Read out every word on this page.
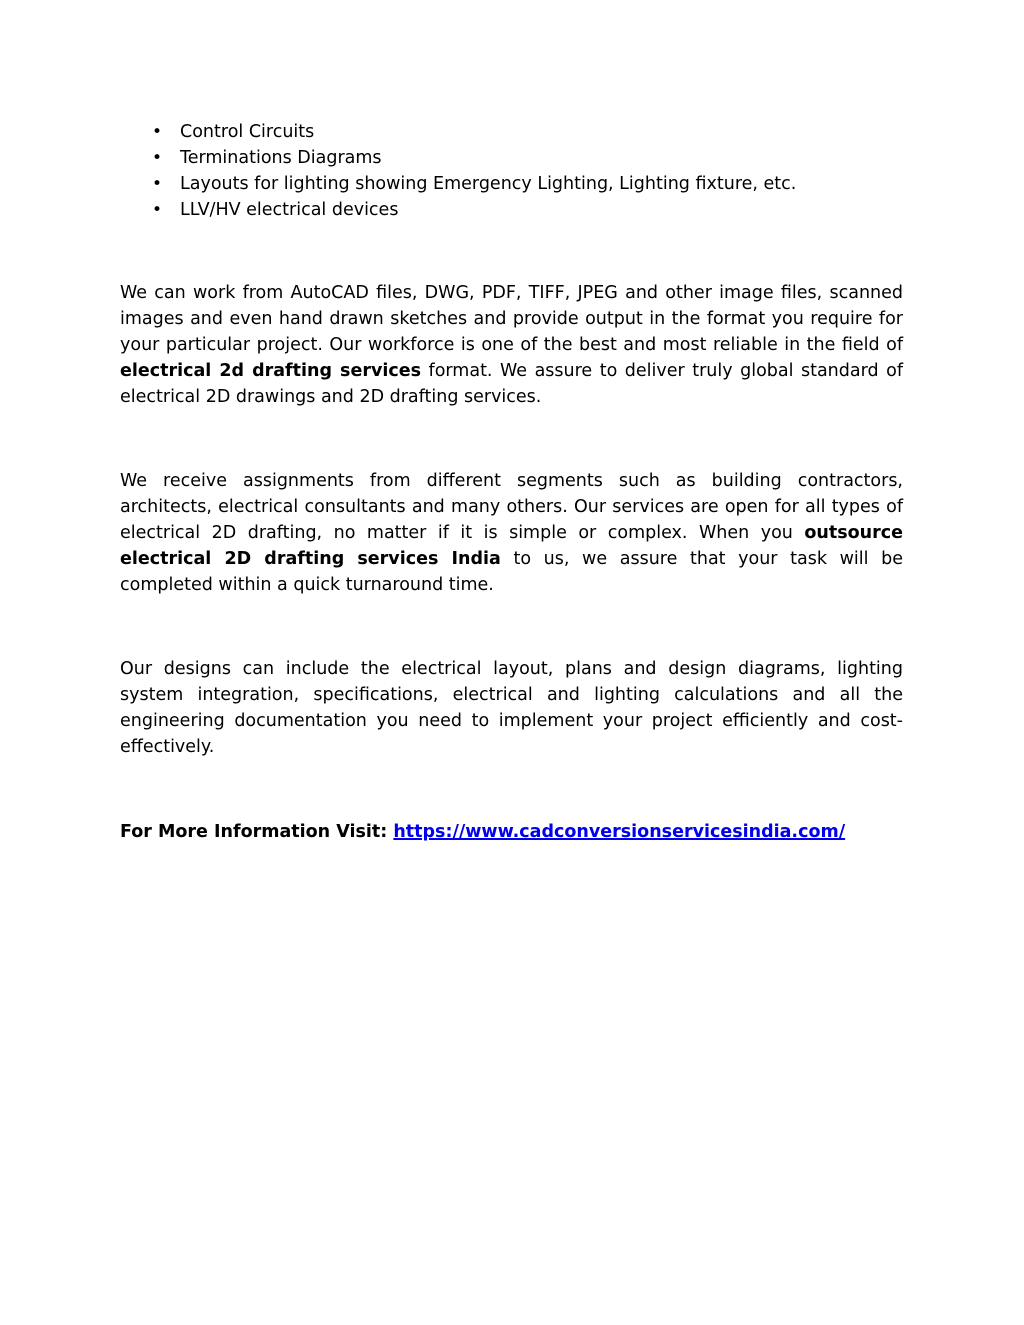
• Control Circuits
• Terminations Diagrams
• Layouts for lighting showing Emergency Lighting, Lighting fixture, etc.
• LLV/HV electrical devices

We can work from AutoCAD files, DWG, PDF, TIFF, JPEG and other image files, scanned images and even hand drawn sketches and provide output in the format you require for your particular project. Our workforce is one of the best and most reliable in the field of electrical 2d drafting services format. We assure to deliver truly global standard of electrical 2D drawings and 2D drafting services.

We receive assignments from different segments such as building contractors, architects, electrical consultants and many others. Our services are open for all types of electrical 2D drafting, no matter if it is simple or complex. When you outsource electrical 2D drafting services India to us, we assure that your task will be completed within a quick turnaround time.

Our designs can include the electrical layout, plans and design diagrams, lighting system integration, specifications, electrical and lighting calculations and all the engineering documentation you need to implement your project efficiently and cost-effectively.

For More Information Visit: https://www.cadconversionservicesindia.com/
